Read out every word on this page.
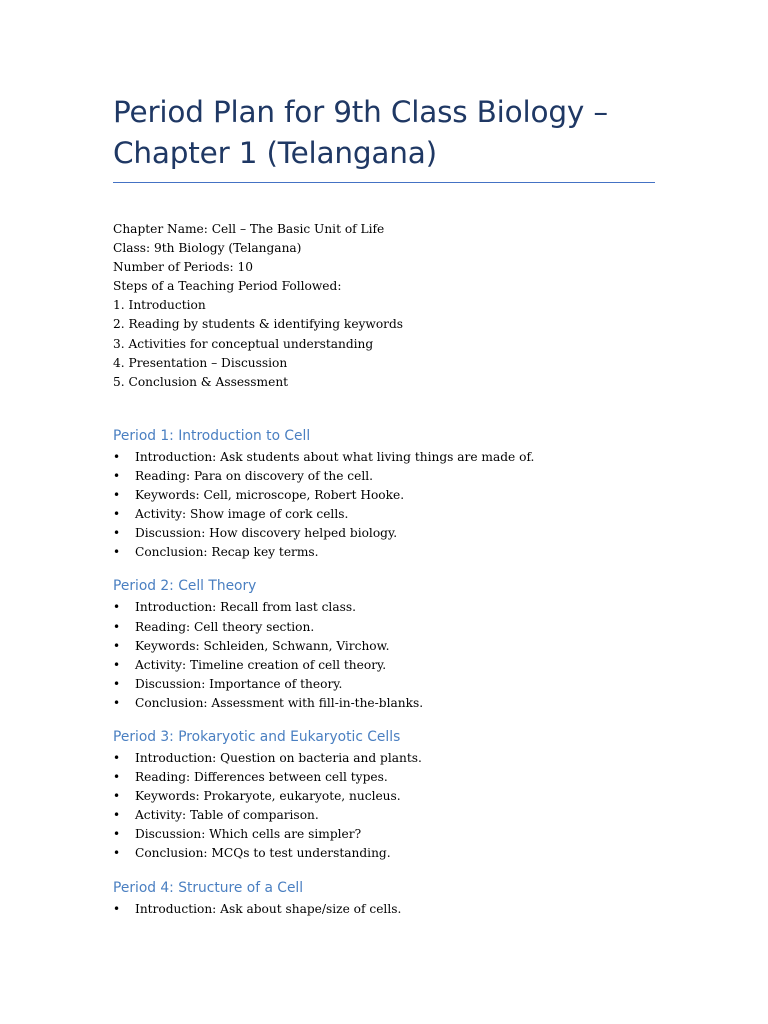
Period Plan for 9th Class Biology –
Chapter 1 (Telangana)
Chapter Name: Cell – The Basic Unit of Life
Class: 9th Biology (Telangana)
Number of Periods: 10
Steps of a Teaching Period Followed:
1. Introduction
2. Reading by students & identifying keywords
3. Activities for conceptual understanding
4. Presentation – Discussion
5. Conclusion & Assessment
Period 1: Introduction to Cell
• Introduction: Ask students about what living things are made of.
• Reading: Para on discovery of the cell.
• Keywords: Cell, microscope, Robert Hooke.
• Activity: Show image of cork cells.
• Discussion: How discovery helped biology.
• Conclusion: Recap key terms.
Period 2: Cell Theory
• Introduction: Recall from last class.
• Reading: Cell theory section.
• Keywords: Schleiden, Schwann, Virchow.
• Activity: Timeline creation of cell theory.
• Discussion: Importance of theory.
• Conclusion: Assessment with fill-in-the-blanks.
Period 3: Prokaryotic and Eukaryotic Cells
• Introduction: Question on bacteria and plants.
• Reading: Differences between cell types.
• Keywords: Prokaryote, eukaryote, nucleus.
• Activity: Table of comparison.
• Discussion: Which cells are simpler?
• Conclusion: MCQs to test understanding.
Period 4: Structure of a Cell
• Introduction: Ask about shape/size of cells.
